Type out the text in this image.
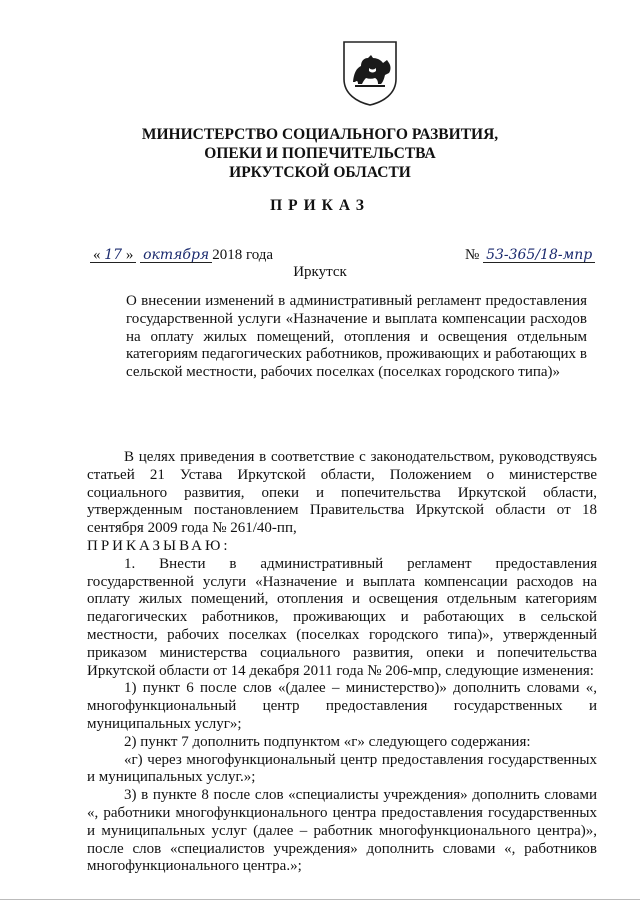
МИНИСТЕРСТВО СОЦИАЛЬНОГО РАЗВИТИЯ,
ОПЕКИ И ПОПЕЧИТЕЛЬСТВА
ИРКУТСКОЙ ОБЛАСТИ
ПРИКАЗ
« 17 » октября 2018 года	№ 53-365/18-мпр
Иркутск
О внесении изменений в административный регламент предоставления государственной услуги «Назначение и выплата компенсации расходов на оплату жилых помещений, отопления и освещения отдельным категориям педагогических работников, проживающих и работающих в сельской местности, рабочих поселках (поселках городского типа)»

В целях приведения в соответствие с законодательством, руководствуясь статьей 21 Устава Иркутской области, Положением о министерстве социального развития, опеки и попечительства Иркутской области, утвержденным постановлением Правительства Иркутской области от 18 сентября 2009 года № 261/40-пп,

ПРИКАЗЫВАЮ:

1. Внести в административный регламент предоставления государственной услуги «Назначение и выплата компенсации расходов на оплату жилых помещений, отопления и освещения отдельным категориям педагогических работников, проживающих и работающих в сельской местности, рабочих поселках (поселках городского типа)», утвержденный приказом министерства социального развития, опеки и попечительства Иркутской области от 14 декабря 2011 года № 206-мпр, следующие изменения:

1) пункт 6 после слов «(далее – министерство)» дополнить словами «, многофункциональный центр предоставления государственных и муниципальных услуг»;

2) пункт 7 дополнить подпунктом «г» следующего содержания:

«г) через многофункциональный центр предоставления государственных и муниципальных услуг.»;

3) в пункте 8 после слов «специалисты учреждения» дополнить словами «, работники многофункционального центра предоставления государственных и муниципальных услуг (далее – работник многофункционального центра)», после слов «специалистов учреждения» дополнить словами «, работников многофункционального центра.»;
